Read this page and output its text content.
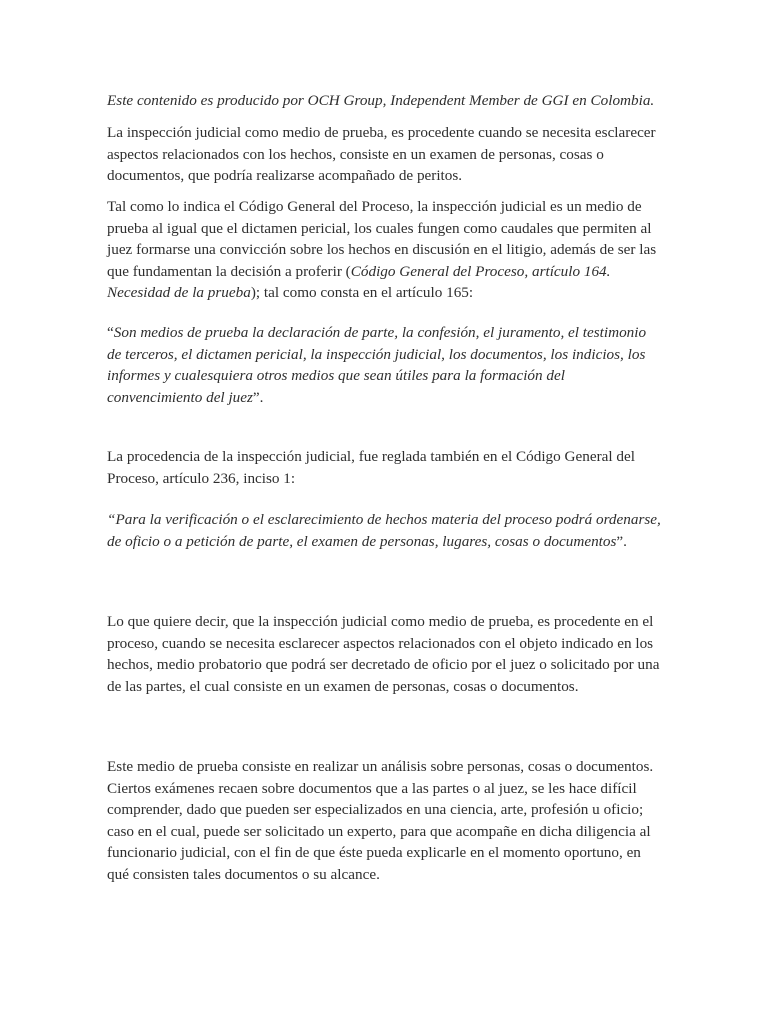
Este contenido es producido por OCH Group, Independent Member de GGI en Colombia.

La inspección judicial como medio de prueba, es procedente cuando se necesita esclarecer aspectos relacionados con los hechos, consiste en un examen de personas, cosas o documentos, que podría realizarse acompañado de peritos.

Tal como lo indica el Código General del Proceso, la inspección judicial es un medio de prueba al igual que el dictamen pericial, los cuales fungen como caudales que permiten al juez formarse una convicción sobre los hechos en discusión en el litigio, además de ser las que fundamentan la decisión a proferir (Código General del Proceso, artículo 164. Necesidad de la prueba); tal como consta en el artículo 165:

“Son medios de prueba la declaración de parte, la confesión, el juramento, el testimonio de terceros, el dictamen pericial, la inspección judicial, los documentos, los indicios, los informes y cualesquiera otros medios que sean útiles para la formación del convencimiento del juez”.

La procedencia de la inspección judicial, fue reglada también en el Código General del Proceso, artículo 236, inciso 1:

“Para la verificación o el esclarecimiento de hechos materia del proceso podrá ordenarse, de oficio o a petición de parte, el examen de personas, lugares, cosas o documentos”.

Lo que quiere decir, que la inspección judicial como medio de prueba, es procedente en el proceso, cuando se necesita esclarecer aspectos relacionados con el objeto indicado en los hechos, medio probatorio que podrá ser decretado de oficio por el juez o solicitado por una de las partes, el cual consiste en un examen de personas, cosas o documentos.

Este medio de prueba consiste en realizar un análisis sobre personas, cosas o documentos. Ciertos exámenes recaen sobre documentos que a las partes o al juez, se les hace difícil comprender, dado que pueden ser especializados en una ciencia, arte, profesión u oficio; caso en el cual, puede ser solicitado un experto, para que acompañe en dicha diligencia al funcionario judicial, con el fin de que éste pueda explicarle en el momento oportuno, en qué consisten tales documentos o su alcance.
